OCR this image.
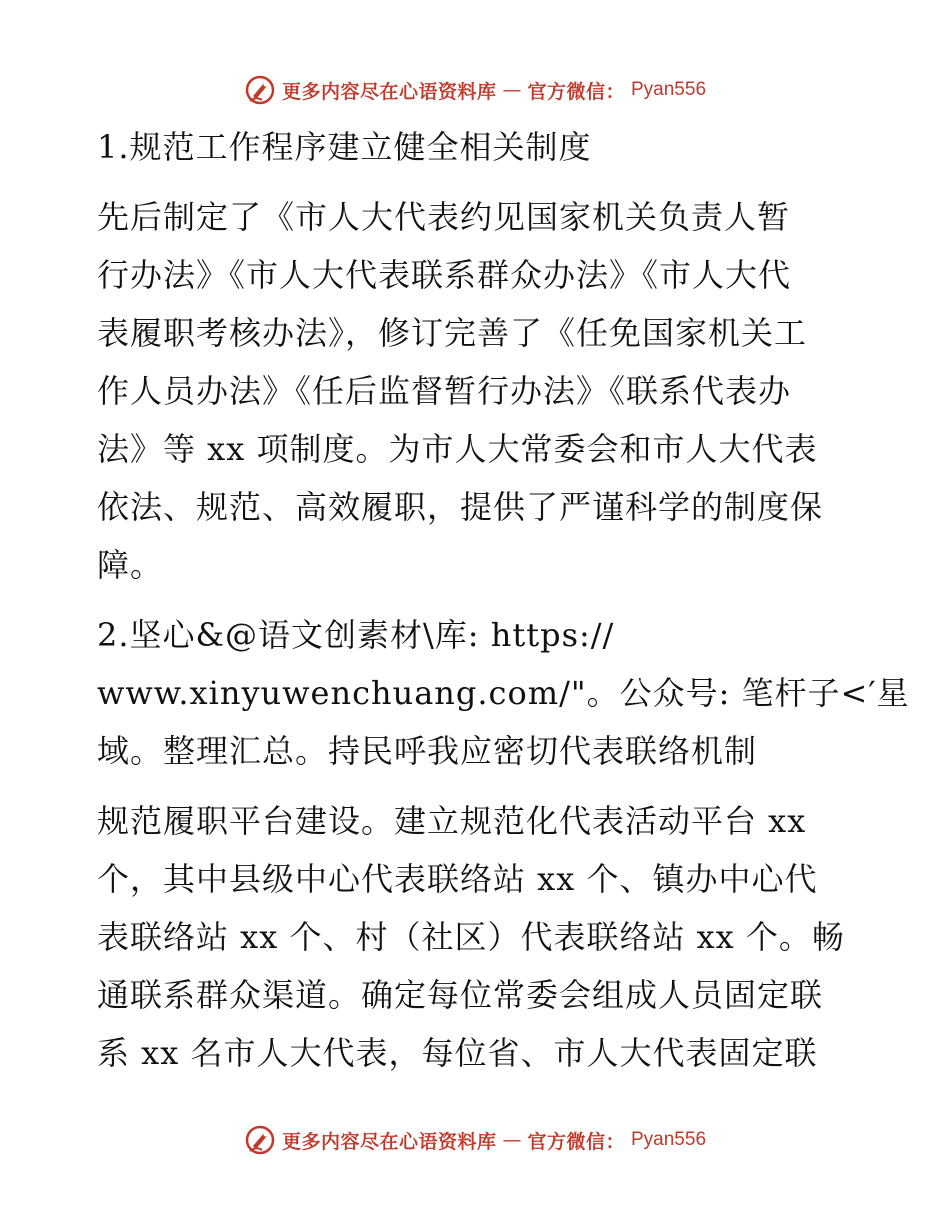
更多内容尽在心语资料库 — 官方微信： Pyan556
1.规范工作程序建立健全相关制度
先后制定了《市人大代表约见国家机关负责人暂
行办法》《市人大代表联系群众办法》《市人大代
表履职考核办法》，修订完善了《任免国家机关工
作人员办法》《任后监督暂行办法》《联系代表办
法》等 xx 项制度。为市人大常委会和市人大代表
依法、规范、高效履职，提供了严谨科学的制度保
障。
2.坚心&@语文创素材\库: https://
www.xinyuwenchuang.com/"。公众号: 笔杆子<′星
域。整理汇总。持民呼我应密切代表联络机制
规范履职平台建设。建立规范化代表活动平台 xx
个，其中县级中心代表联络站 xx 个、镇办中心代
表联络站 xx 个、村（社区）代表联络站 xx 个。畅
通联系群众渠道。确定每位常委会组成人员固定联
系 xx 名市人大代表，每位省、市人大代表固定联
更多内容尽在心语资料库 — 官方微信： Pyan556
